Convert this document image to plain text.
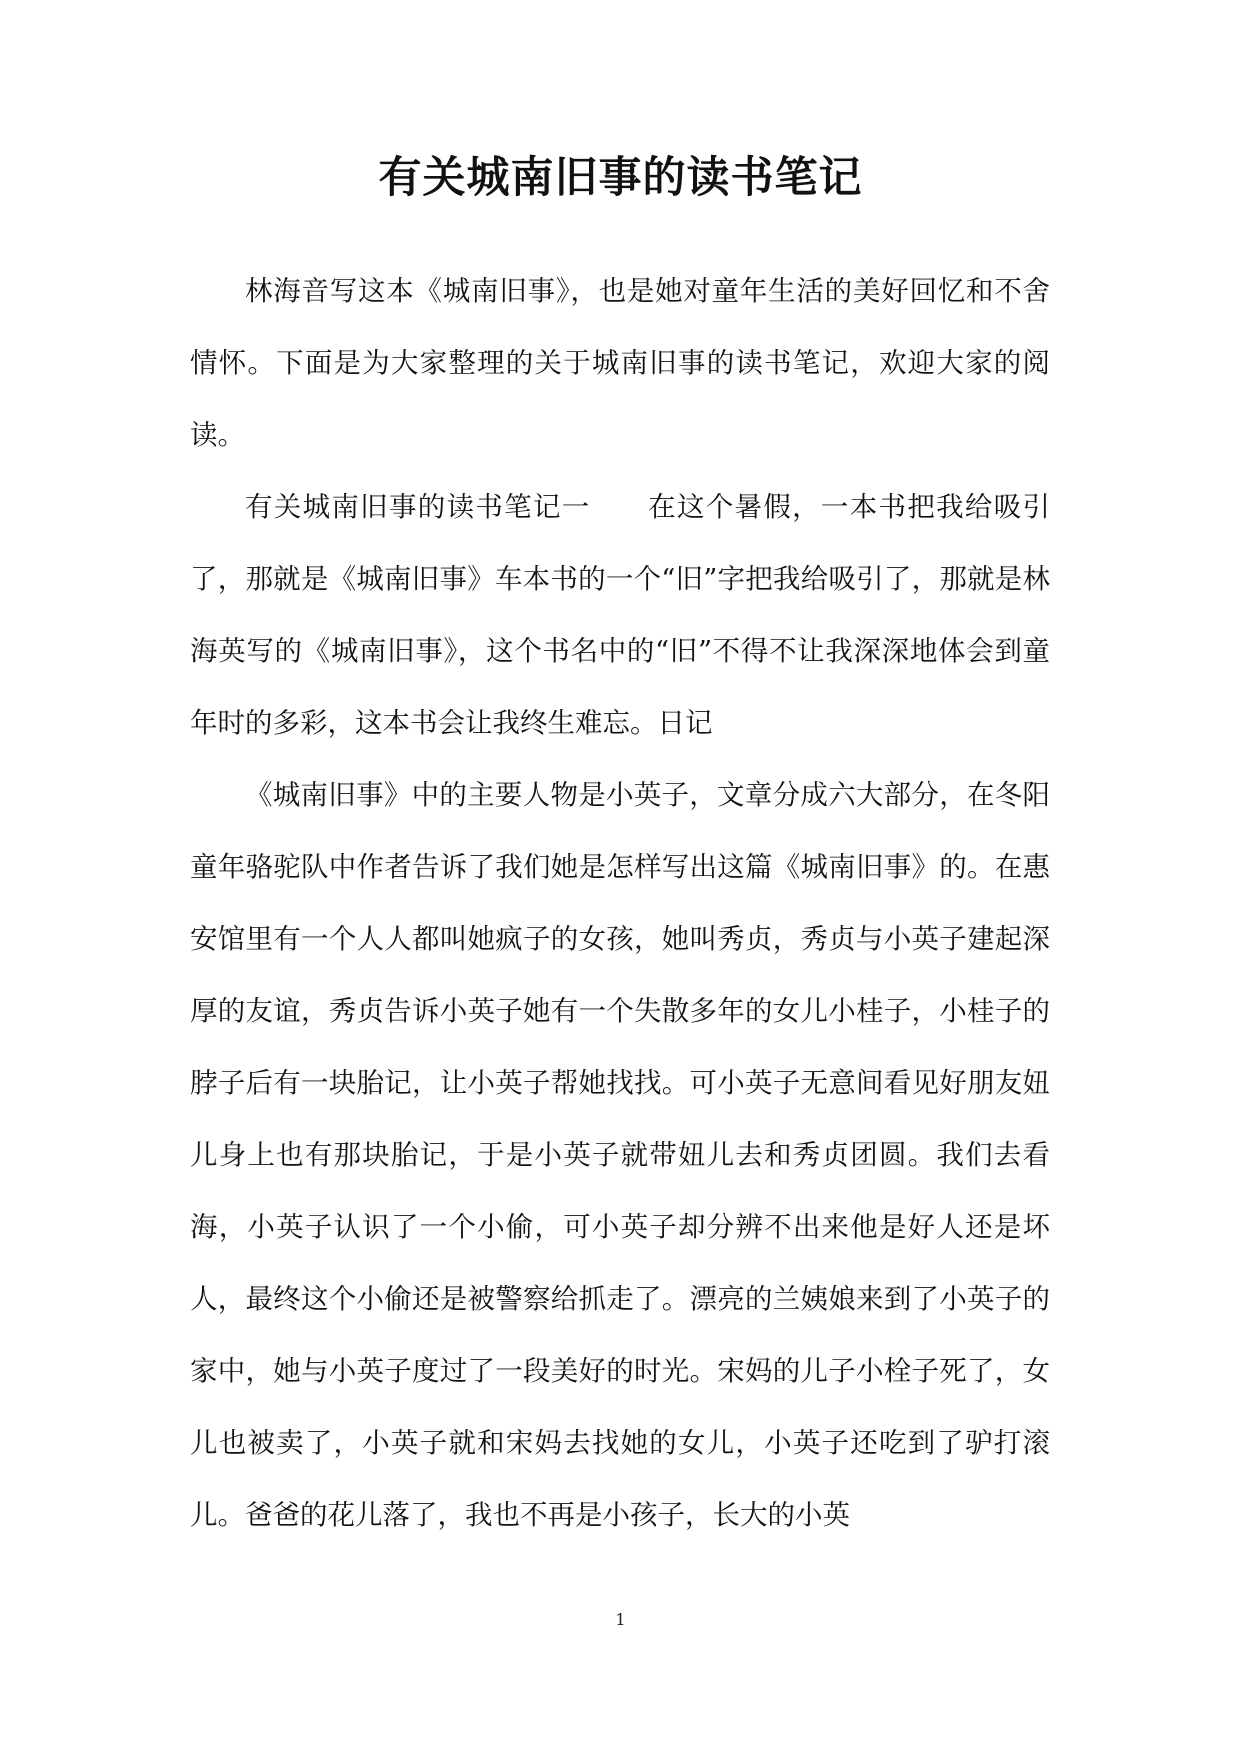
有关城南旧事的读书笔记

林海音写这本《城南旧事》，也是她对童年生活的美好回忆和不舍情怀。下面是为大家整理的关于城南旧事的读书笔记，欢迎大家的阅读。

有关城南旧事的读书笔记一　　在这个暑假，一本书把我给吸引了，那就是《城南旧事》车本书的一个“旧”字把我给吸引了，那就是林海英写的《城南旧事》，这个书名中的“旧”不得不让我深深地体会到童年时的多彩，这本书会让我终生难忘。日记

《城南旧事》中的主要人物是小英子，文章分成六大部分，在冬阳童年骆驼队中作者告诉了我们她是怎样写出这篇《城南旧事》的。在惠安馆里有一个人人都叫她疯子的女孩，她叫秀贞，秀贞与小英子建起深厚的友谊，秀贞告诉小英子她有一个失散多年的女儿小桂子，小桂子的脖子后有一块胎记，让小英子帮她找找。可小英子无意间看见好朋友妞儿身上也有那块胎记，于是小英子就带妞儿去和秀贞团圆。我们去看海，小英子认识了一个小偷，可小英子却分辨不出来他是好人还是坏人，最终这个小偷还是被警察给抓走了。漂亮的兰姨娘来到了小英子的家中，她与小英子度过了一段美好的时光。宋妈的儿子小栓子死了，女儿也被卖了，小英子就和宋妈去找她的女儿，小英子还吃到了驴打滚儿。爸爸的花儿落了，我也不再是小孩子，长大的小英

1
